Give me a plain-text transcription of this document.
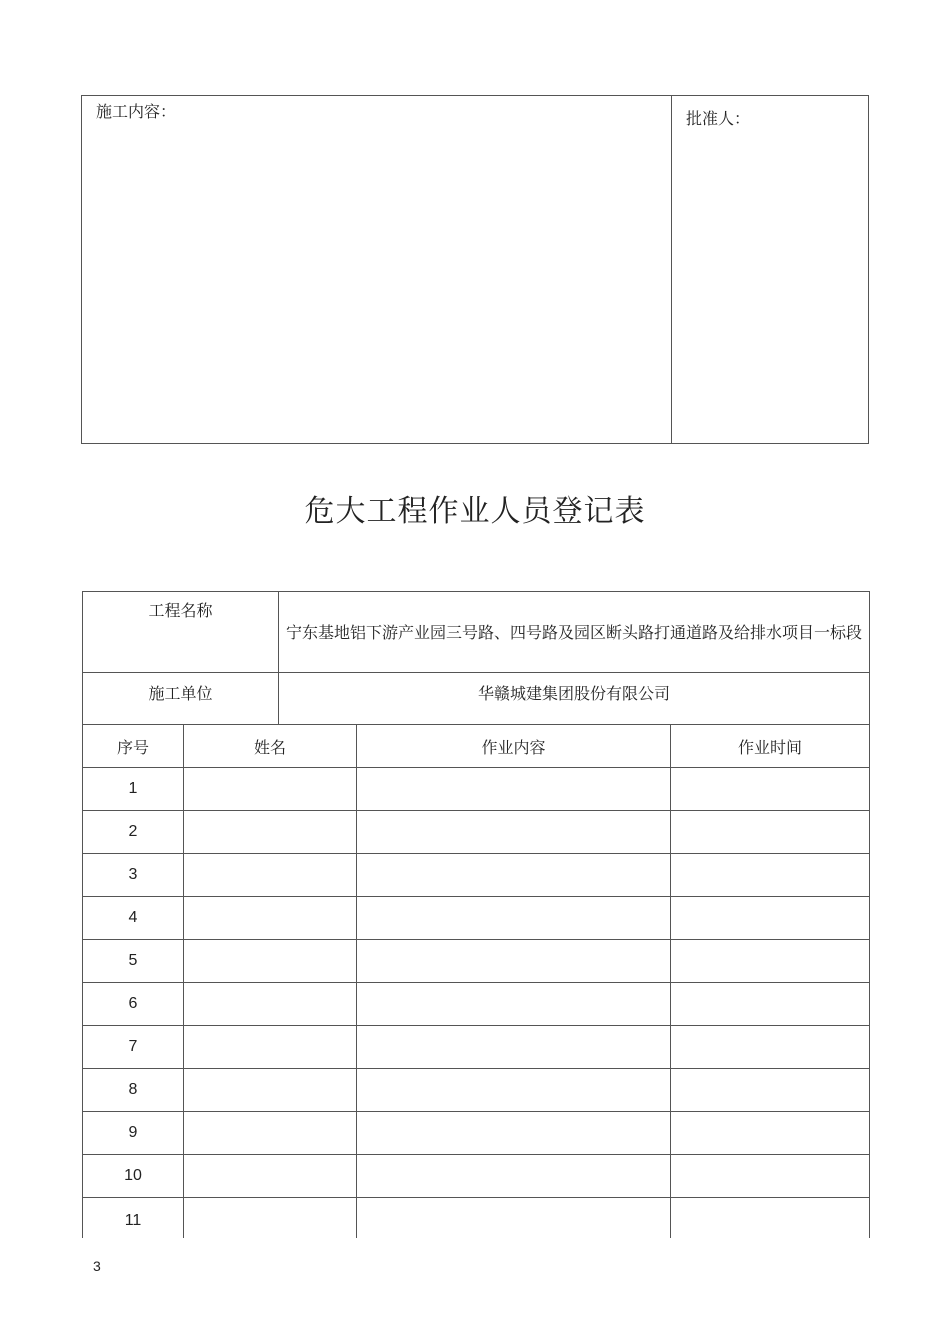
施工内容：	批准人：
危大工程作业人员登记表
工程名称		宁东基地铝下游产业园三号路、四号路及园区断头路打通道路及给排水项目一标段		
施工单位		华赣城建集团股份有限公司		
序号	姓名		作业内容	作业时间
1				
2				
3				
4				
5				
6				
7				
8				
9				
10				
11				
3
